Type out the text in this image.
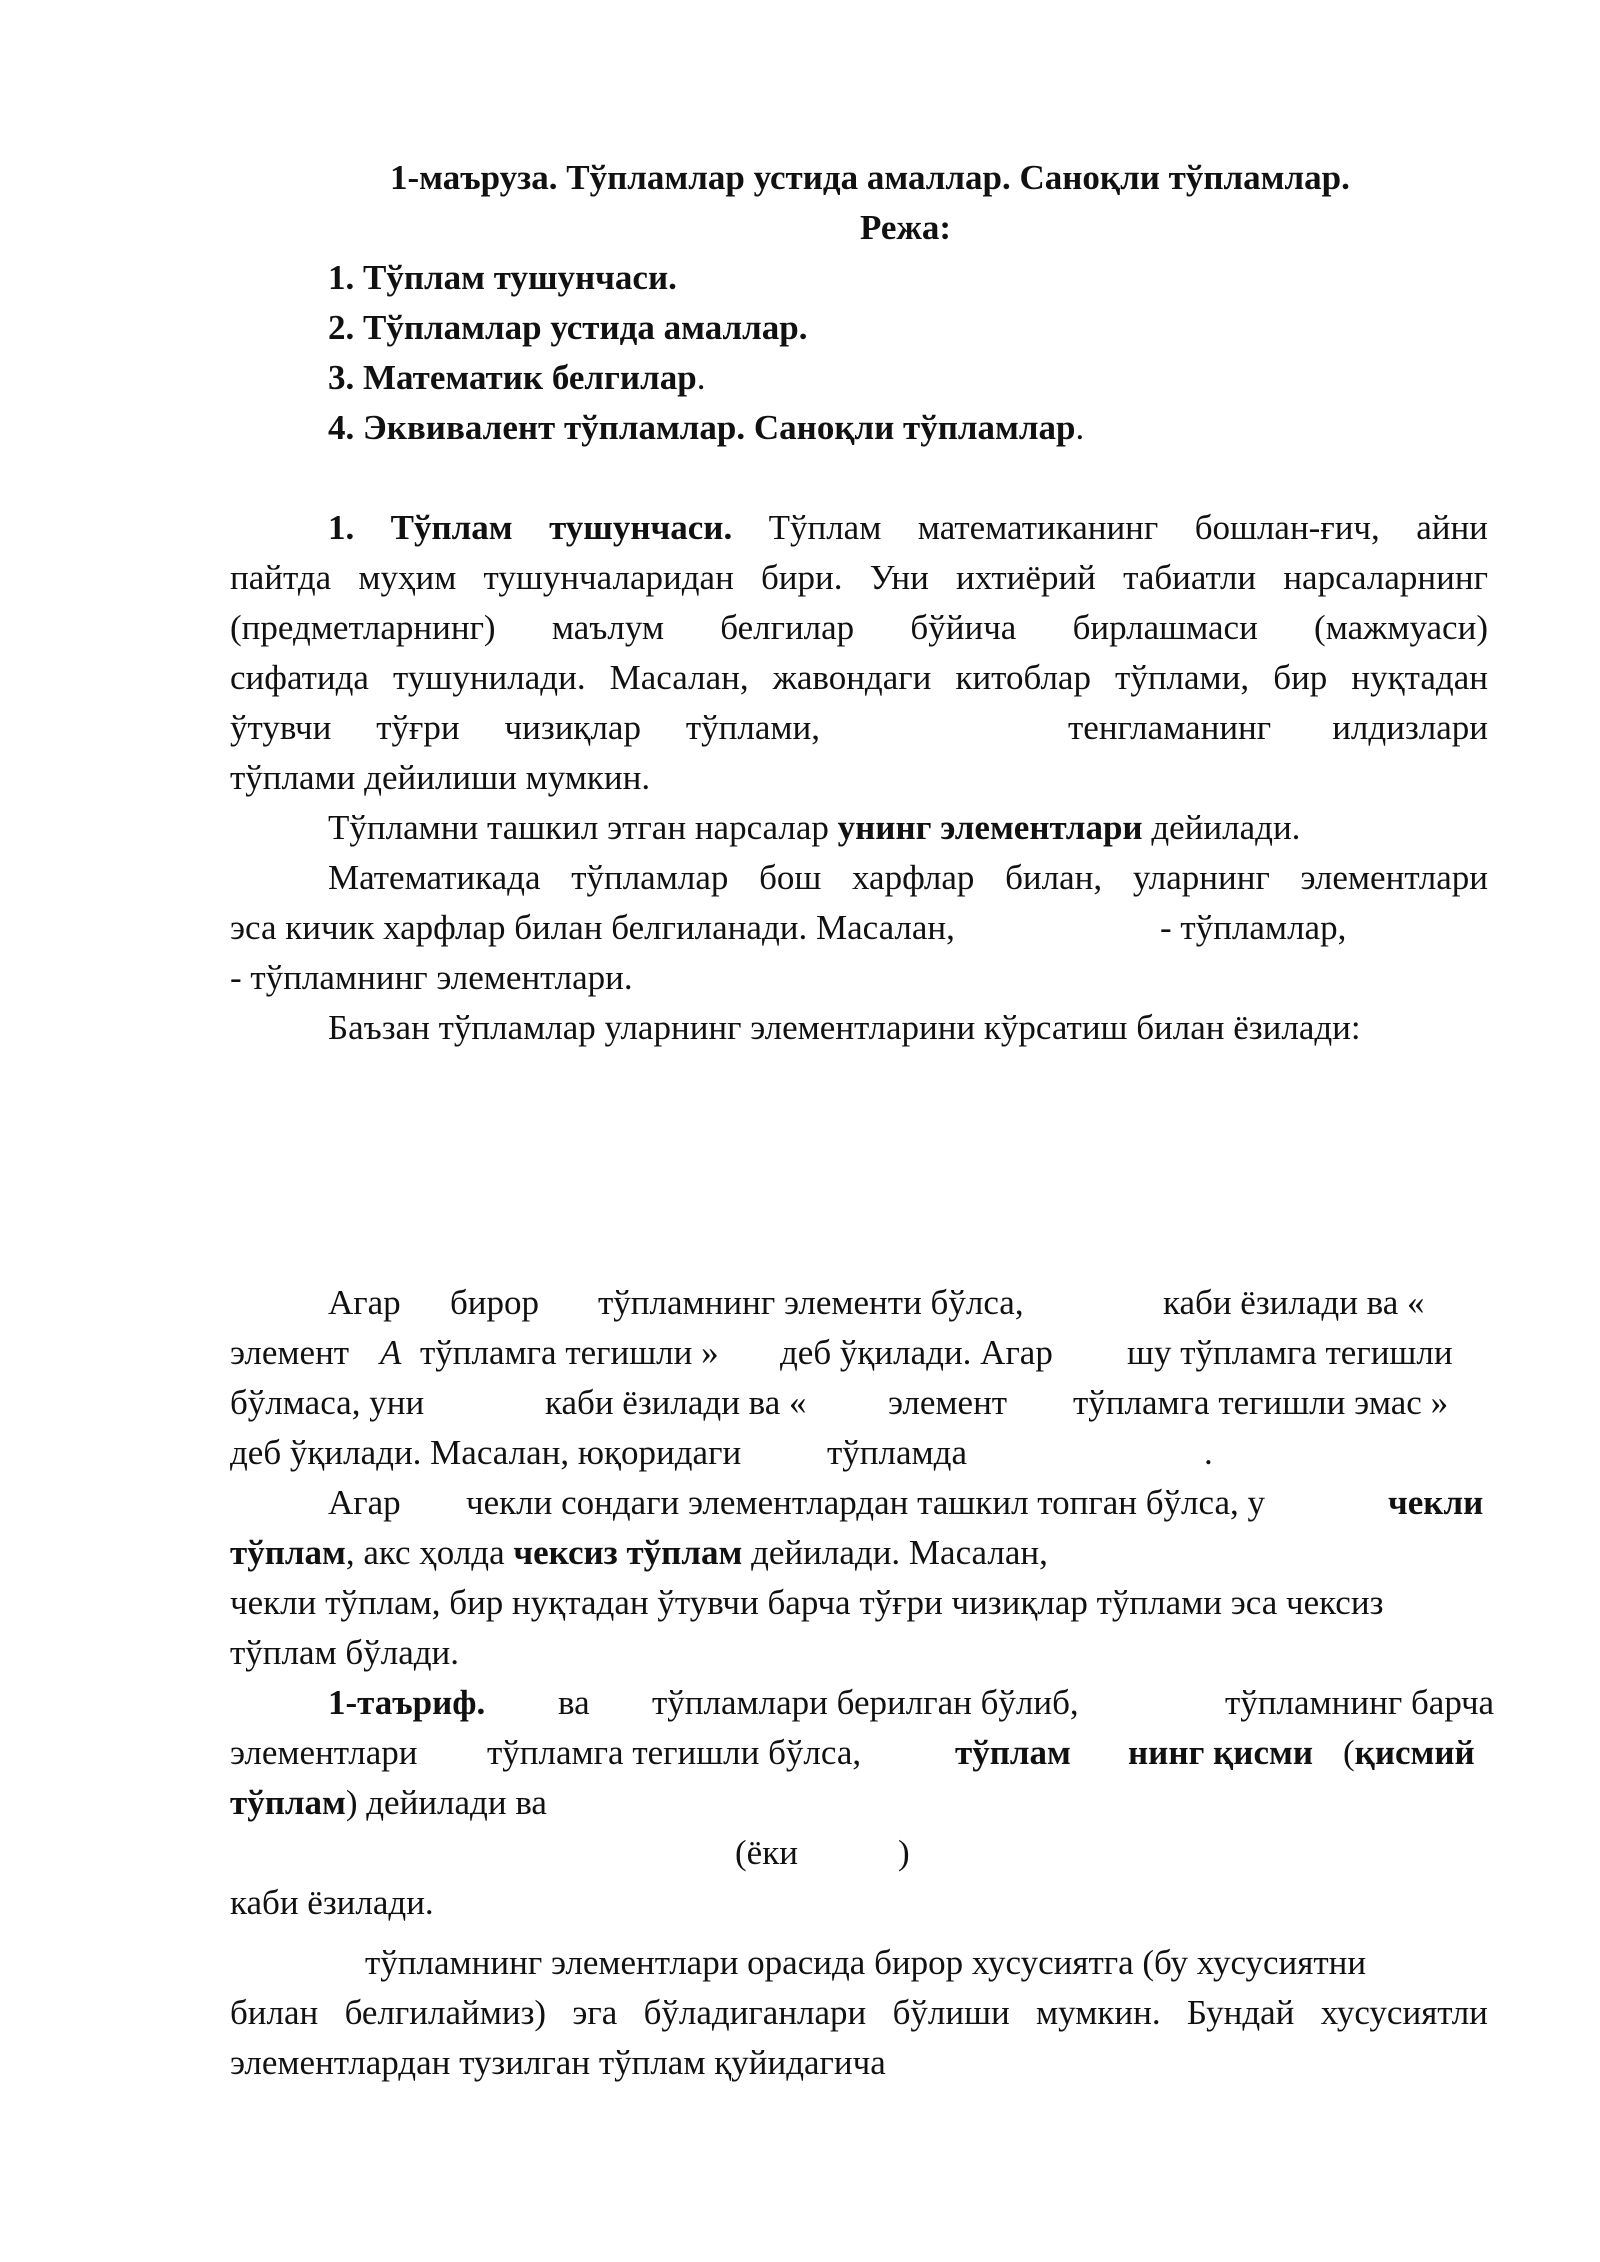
1-маъруза. Тўпламлар устида амаллар. Саноқли тўпламлар.
Режа:
1. Тўплам тушунчаси.
2. Тўпламлар устида амаллар.
3. Математик белгилар.
4. Эквивалент тўпламлар. Саноқли тўпламлар.
1. Тўплам тушунчаси. Тўплам математиканинг бошлан-ғич, айни
пайтда муҳим тушунчаларидан бири. Уни ихтиёрий табиатли нарсаларнинг
(предметларнинг) маълум белгилар бўйича бирлашмаси (мажмуаси)
сифатида тушунилади. Масалан, жавондаги китоблар тўплами, бир нуқтадан
ўтувчи тўғри чизиқлар тўплами,	тенгламанинг илдизлари
тўплами дейилиши мумкин.
Тўпламни ташкил этган нарсалар унинг элементлари дейилади.
Математикада тўпламлар бош харфлар билан, уларнинг элементлари
эса кичик харфлар билан белгиланади. Масалан,	- тўпламлар,
- тўпламнинг элементлари.
Баъзан тўпламлар уларнинг элементларини кўрсатиш билан ёзилади:
Агар бирор тўпламнинг элементи бўлса,	каби ёзилади ва «
элемент A тўпламга тегишли » деб ўқилади. Агар шу тўпламга тегишли
бўлмаса, уни	каби ёзилади ва « элемент тўпламга тегишли эмас »
деб ўқилади. Масалан, юқоридаги тўпламда	.
Агар чекли сондаги элементлардан ташкил топган бўлса, у	чекли
тўплам, акс ҳолда чексиз тўплам дейилади. Масалан,
чекли тўплам, бир нуқтадан ўтувчи барча тўғри чизиқлар тўплами эса чексиз
тўплам бўлади.
1-таъриф. ва тўпламлари берилган бўлиб,	тўпламнинг барча
элементлари тўпламга тегишли бўлса,	тўплам нинг қисми (қисмий
тўплам) дейилади ва
(ёки	)
каби ёзилади.
тўпламнинг элементлари орасида бирор хусусиятга (бу хусусиятни
билан белгилаймиз) эга бўладиганлари бўлиши мумкин. Бундай хусусиятли
элементлардан тузилган тўплам қуйидагича
